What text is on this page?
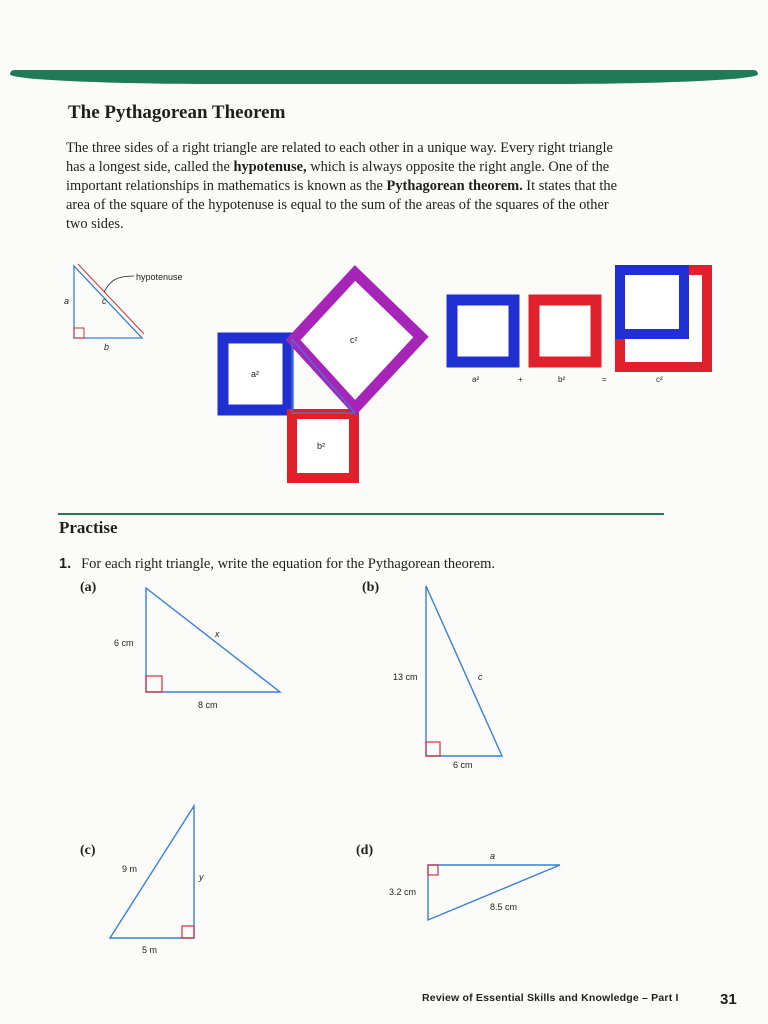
The Pythagorean Theorem
The three sides of a right triangle are related to each other in a unique way. Every right triangle has a longest side, called the hypotenuse, which is always opposite the right angle. One of the important relationships in mathematics is known as the Pythagorean theorem. It states that the area of the square of the hypotenuse is equal to the sum of the areas of the squares of the other two sides.
hypotenuse
a	c
b
a²
b²
c²
a²	+	b²	=	c²
Practise
1. For each right triangle, write the equation for the Pythagorean theorem.
(a)
6 cm
8 cm
x
(b)
13 cm
6 cm
c
(c)
9 m
5 m
y
(d)
3.2 cm
8.5 cm
a
Review of Essential Skills and Knowledge – Part I	31
